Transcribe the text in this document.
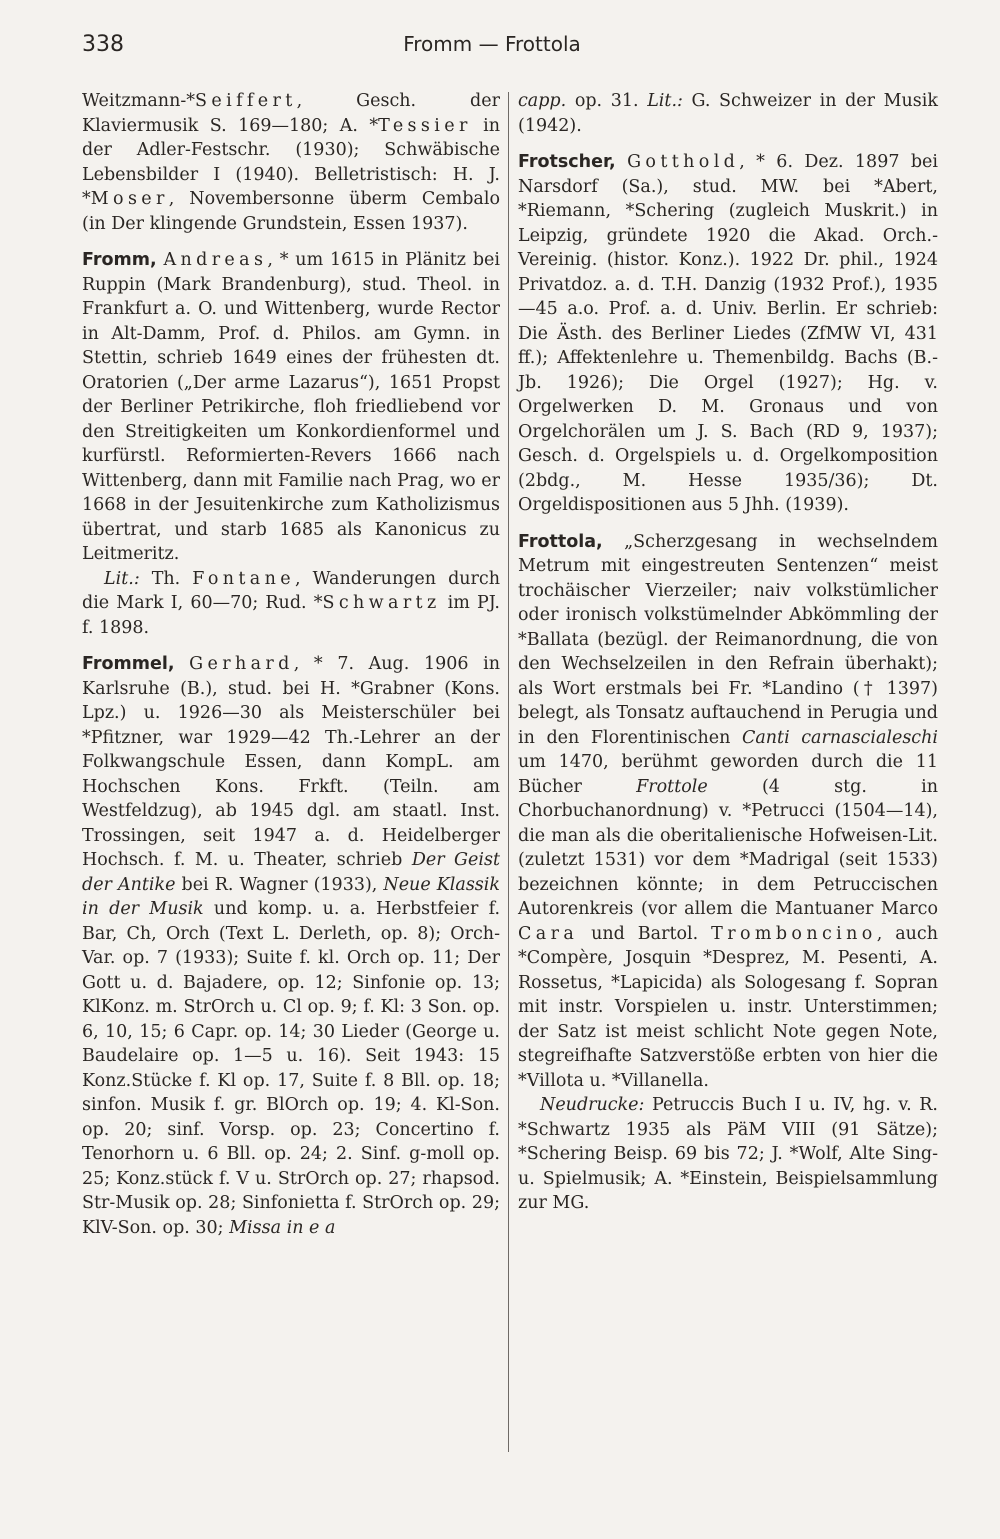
338	Fromm — Frottola

Weitzmann-*Seiffert, Gesch. der Klaviermusik S. 169—180; A. *Tessier in der Adler-Festschr. (1930); Schwäbische Lebensbilder I (1940). Belletristisch: H. J. *Moser, Novembersonne überm Cembalo (in Der klingende Grundstein, Essen 1937).

Fromm, Andreas, * um 1615 in Plänitz bei Ruppin (Mark Brandenburg), stud. Theol. in Frankfurt a. O. und Wittenberg, wurde Rector in Alt-Damm, Prof. d. Philos. am Gymn. in Stettin, schrieb 1649 eines der frühesten dt. Oratorien („Der arme Lazarus“), 1651 Propst der Berliner Petrikirche, floh friedliebend vor den Streitigkeiten um Konkordienformel und kurfürstl. Reformierten-Revers 1666 nach Wittenberg, dann mit Familie nach Prag, wo er 1668 in der Jesuitenkirche zum Katholizismus übertrat, und starb 1685 als Kanonicus zu Leitmeritz.

Lit.: Th. Fontane, Wanderungen durch die Mark I, 60—70; Rud. *Schwartz im PJ. f. 1898.

Frommel, Gerhard, * 7. Aug. 1906 in Karlsruhe (B.), stud. bei H. *Grabner (Kons. Lpz.) u. 1926—30 als Meisterschüler bei *Pfitzner, war 1929—42 Th.-Lehrer an der Folkwangschule Essen, dann KompL. am Hochschen Kons. Frkft. (Teiln. am Westfeldzug), ab 1945 dgl. am staatl. Inst. Trossingen, seit 1947 a. d. Heidelberger Hochsch. f. M. u. Theater, schrieb Der Geist der Antike bei R. Wagner (1933), Neue Klassik in der Musik und komp. u. a. Herbstfeier f. Bar, Ch, Orch (Text L. Derleth, op. 8); Orch-Var. op. 7 (1933); Suite f. kl. Orch op. 11; Der Gott u. d. Bajadere, op. 12; Sinfonie op. 13; KlKonz. m. StrOrch u. Cl op. 9; f. Kl: 3 Son. op. 6, 10, 15; 6 Capr. op. 14; 30 Lieder (George u. Baudelaire op. 1—5 u. 16). Seit 1943: 15 Konz.Stücke f. Kl op. 17, Suite f. 8 Bll. op. 18; sinfon. Musik f. gr. BlOrch op. 19; 4. Kl-Son. op. 20; sinf. Vorsp. op. 23; Concertino f. Tenorhorn u. 6 Bll. op. 24; 2. Sinf. g-moll op. 25; Konz.stück f. V u. StrOrch op. 27; rhapsod. Str-Musik op. 28; Sinfonietta f. StrOrch op. 29; KlV-Son. op. 30; Missa in e a

capp. op. 31. Lit.: G. Schweizer in der Musik (1942).

Frotscher, Gotthold, * 6. Dez. 1897 bei Narsdorf (Sa.), stud. MW. bei *Abert, *Riemann, *Schering (zugleich Muskrit.) in Leipzig, gründete 1920 die Akad. Orch.-Vereinig. (histor. Konz.). 1922 Dr. phil., 1924 Privatdoz. a. d. T.H. Danzig (1932 Prof.), 1935—45 a.o. Prof. a. d. Univ. Berlin. Er schrieb: Die Ästh. des Berliner Liedes (ZfMW VI, 431 ff.); Affektenlehre u. Themenbildg. Bachs (B.-Jb. 1926); Die Orgel (1927); Hg. v. Orgelwerken D. M. Gronaus und von Orgelchorälen um J. S. Bach (RD 9, 1937); Gesch. d. Orgelspiels u. d. Orgelkomposition (2bdg., M. Hesse 1935/36); Dt. Orgeldispositionen aus 5 Jhh. (1939).

Frottola, „Scherzgesang in wechselndem Metrum mit eingestreuten Sentenzen“ meist trochäischer Vierzeiler; naiv volkstümlicher oder ironisch volkstümelnder Abkömmling der *Ballata (bezügl. der Reimanordnung, die von den Wechselzeilen in den Refrain überhakt); als Wort erstmals bei Fr. *Landino († 1397) belegt, als Tonsatz auftauchend in Perugia und in den Florentinischen Canti carnascialeschi um 1470, berühmt geworden durch die 11 Bücher Frottole (4 stg. in Chorbuchanordnung) v. *Petrucci (1504—14), die man als die oberitalienische Hofweisen-Lit. (zuletzt 1531) vor dem *Madrigal (seit 1533) bezeichnen könnte; in dem Petruccischen Autorenkreis (vor allem die Mantuaner Marco Cara und Bartol. Tromboncino, auch *Compère, Josquin *Desprez, M. Pesenti, A. Rossetus, *Lapicida) als Sologesang f. Sopran mit instr. Vorspielen u. instr. Unterstimmen; der Satz ist meist schlicht Note gegen Note, stegreifhafte Satzverstöße erbten von hier die *Villota u. *Villanella.

Neudrucke: Petruccis Buch I u. IV, hg. v. R. *Schwartz 1935 als PäM VIII (91 Sätze); *Schering Beisp. 69 bis 72; J. *Wolf, Alte Sing- u. Spielmusik; A. *Einstein, Beispielsammlung zur MG.
